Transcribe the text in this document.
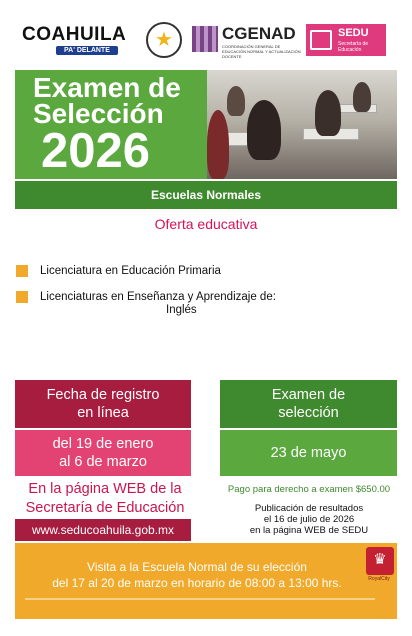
COAHUILA
PA' DELANTE	★	CGENAD
COORDINACIÓN GENERAL DE EDUCACIÓN NORMAL Y ACTUALIZACIÓN DOCENTE
SEDU
Secretaría de Educación
Examen de
Selección
2026
Escuelas Normales
Oferta educativa
Licenciatura en Educación Primaria
Licenciaturas en Enseñanza y Aprendizaje de:
Inglés
Fecha de registro
en línea
del 19 de enero
al 6 de marzo
En la página WEB de la
Secretaría de Educación
www.seducoahuila.gob.mx
Examen de
selección
23 de mayo
Pago para derecho a examen $650.00
Publicación de resultados
el 16 de julio de 2026
en la página WEB de SEDU
Visita a la Escuela Normal de su elección
del 17 al 20 de marzo en horario de 08:00 a 13:00 hrs.
♛
RoyalCity
